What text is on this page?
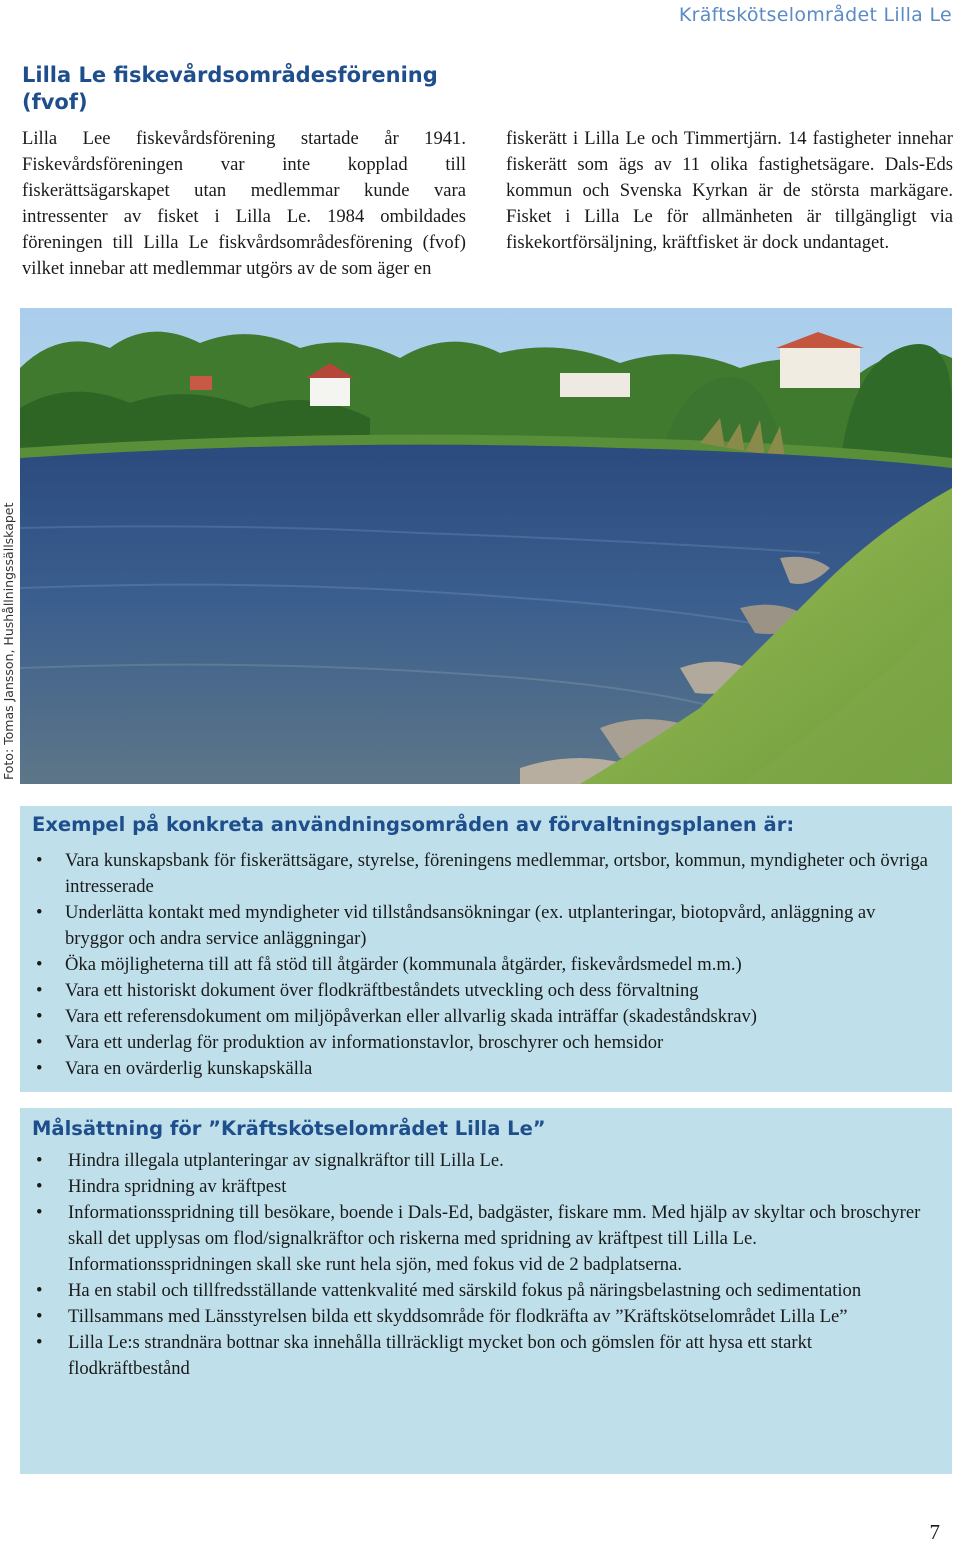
Kräftskötselområdet Lilla Le
Lilla Le fiskevårdsområdesförening (fvof)

Lilla Lee fiskevårdsförening startade år 1941. Fiskevårdsföreningen var inte kopplad till fiskerättsägarskapet utan medlemmar kunde vara intressenter av fisket i Lilla Le. 1984 ombildades föreningen till Lilla Le fiskvårdsområdesförening (fvof) vilket innebar att medlemmar utgörs av de som äger en

fiskerätt i Lilla Le och Timmertjärn. 14 fastigheter innehar fiskerätt som ägs av 11 olika fastighetsägare. Dals-Eds kommun och Svenska Kyrkan är de största markägare. Fisket i Lilla Le för allmänheten är tillgängligt via fiskekortförsäljning, kräftfisket är dock undantaget.

Foto: Tomas Jansson, Hushållningssällskapet
Exempel på konkreta användningsområden av förvaltningsplanen är:
• Vara kunskapsbank för fiskerättsägare, styrelse, föreningens medlemmar, ortsbor, kommun, myndigheter och övriga intresserade
• Underlätta kontakt med myndigheter vid tillståndsansökningar (ex. utplanteringar, biotopvård, anläggning av bryggor och andra service anläggningar)
• Öka möjligheterna till att få stöd till åtgärder (kommunala åtgärder, fiskevårdsmedel m.m.)
• Vara ett historiskt dokument över flodkräftbeståndets utveckling och dess förvaltning
• Vara ett referensdokument om miljöpåverkan eller allvarlig skada inträffar (skadeståndskrav)
• Vara ett underlag för produktion av informationstavlor, broschyrer och hemsidor
• Vara en ovärderlig kunskapskälla
Målsättning för ”Kräftskötselområdet Lilla Le”
• Hindra illegala utplanteringar av signalkräftor till Lilla Le.
• Hindra spridning av kräftpest
• Informationsspridning till besökare, boende i Dals-Ed, badgäster, fiskare mm. Med hjälp av skyltar och broschyrer skall det upplysas om flod/signalkräftor och riskerna med spridning av kräftpest till Lilla Le. Informationsspridningen skall ske runt hela sjön, med fokus vid de 2 badplatserna.
• Ha en stabil och tillfredsställande vattenkvalité med särskild fokus på näringsbelastning och sedimentation
• Tillsammans med Länsstyrelsen bilda ett skyddsområde för flodkräfta av ”Kräftskötselområdet Lilla Le”
• Lilla Le:s strandnära bottnar ska innehålla tillräckligt mycket bon och gömslen för att hysa ett starkt flodkräftbestånd
7
